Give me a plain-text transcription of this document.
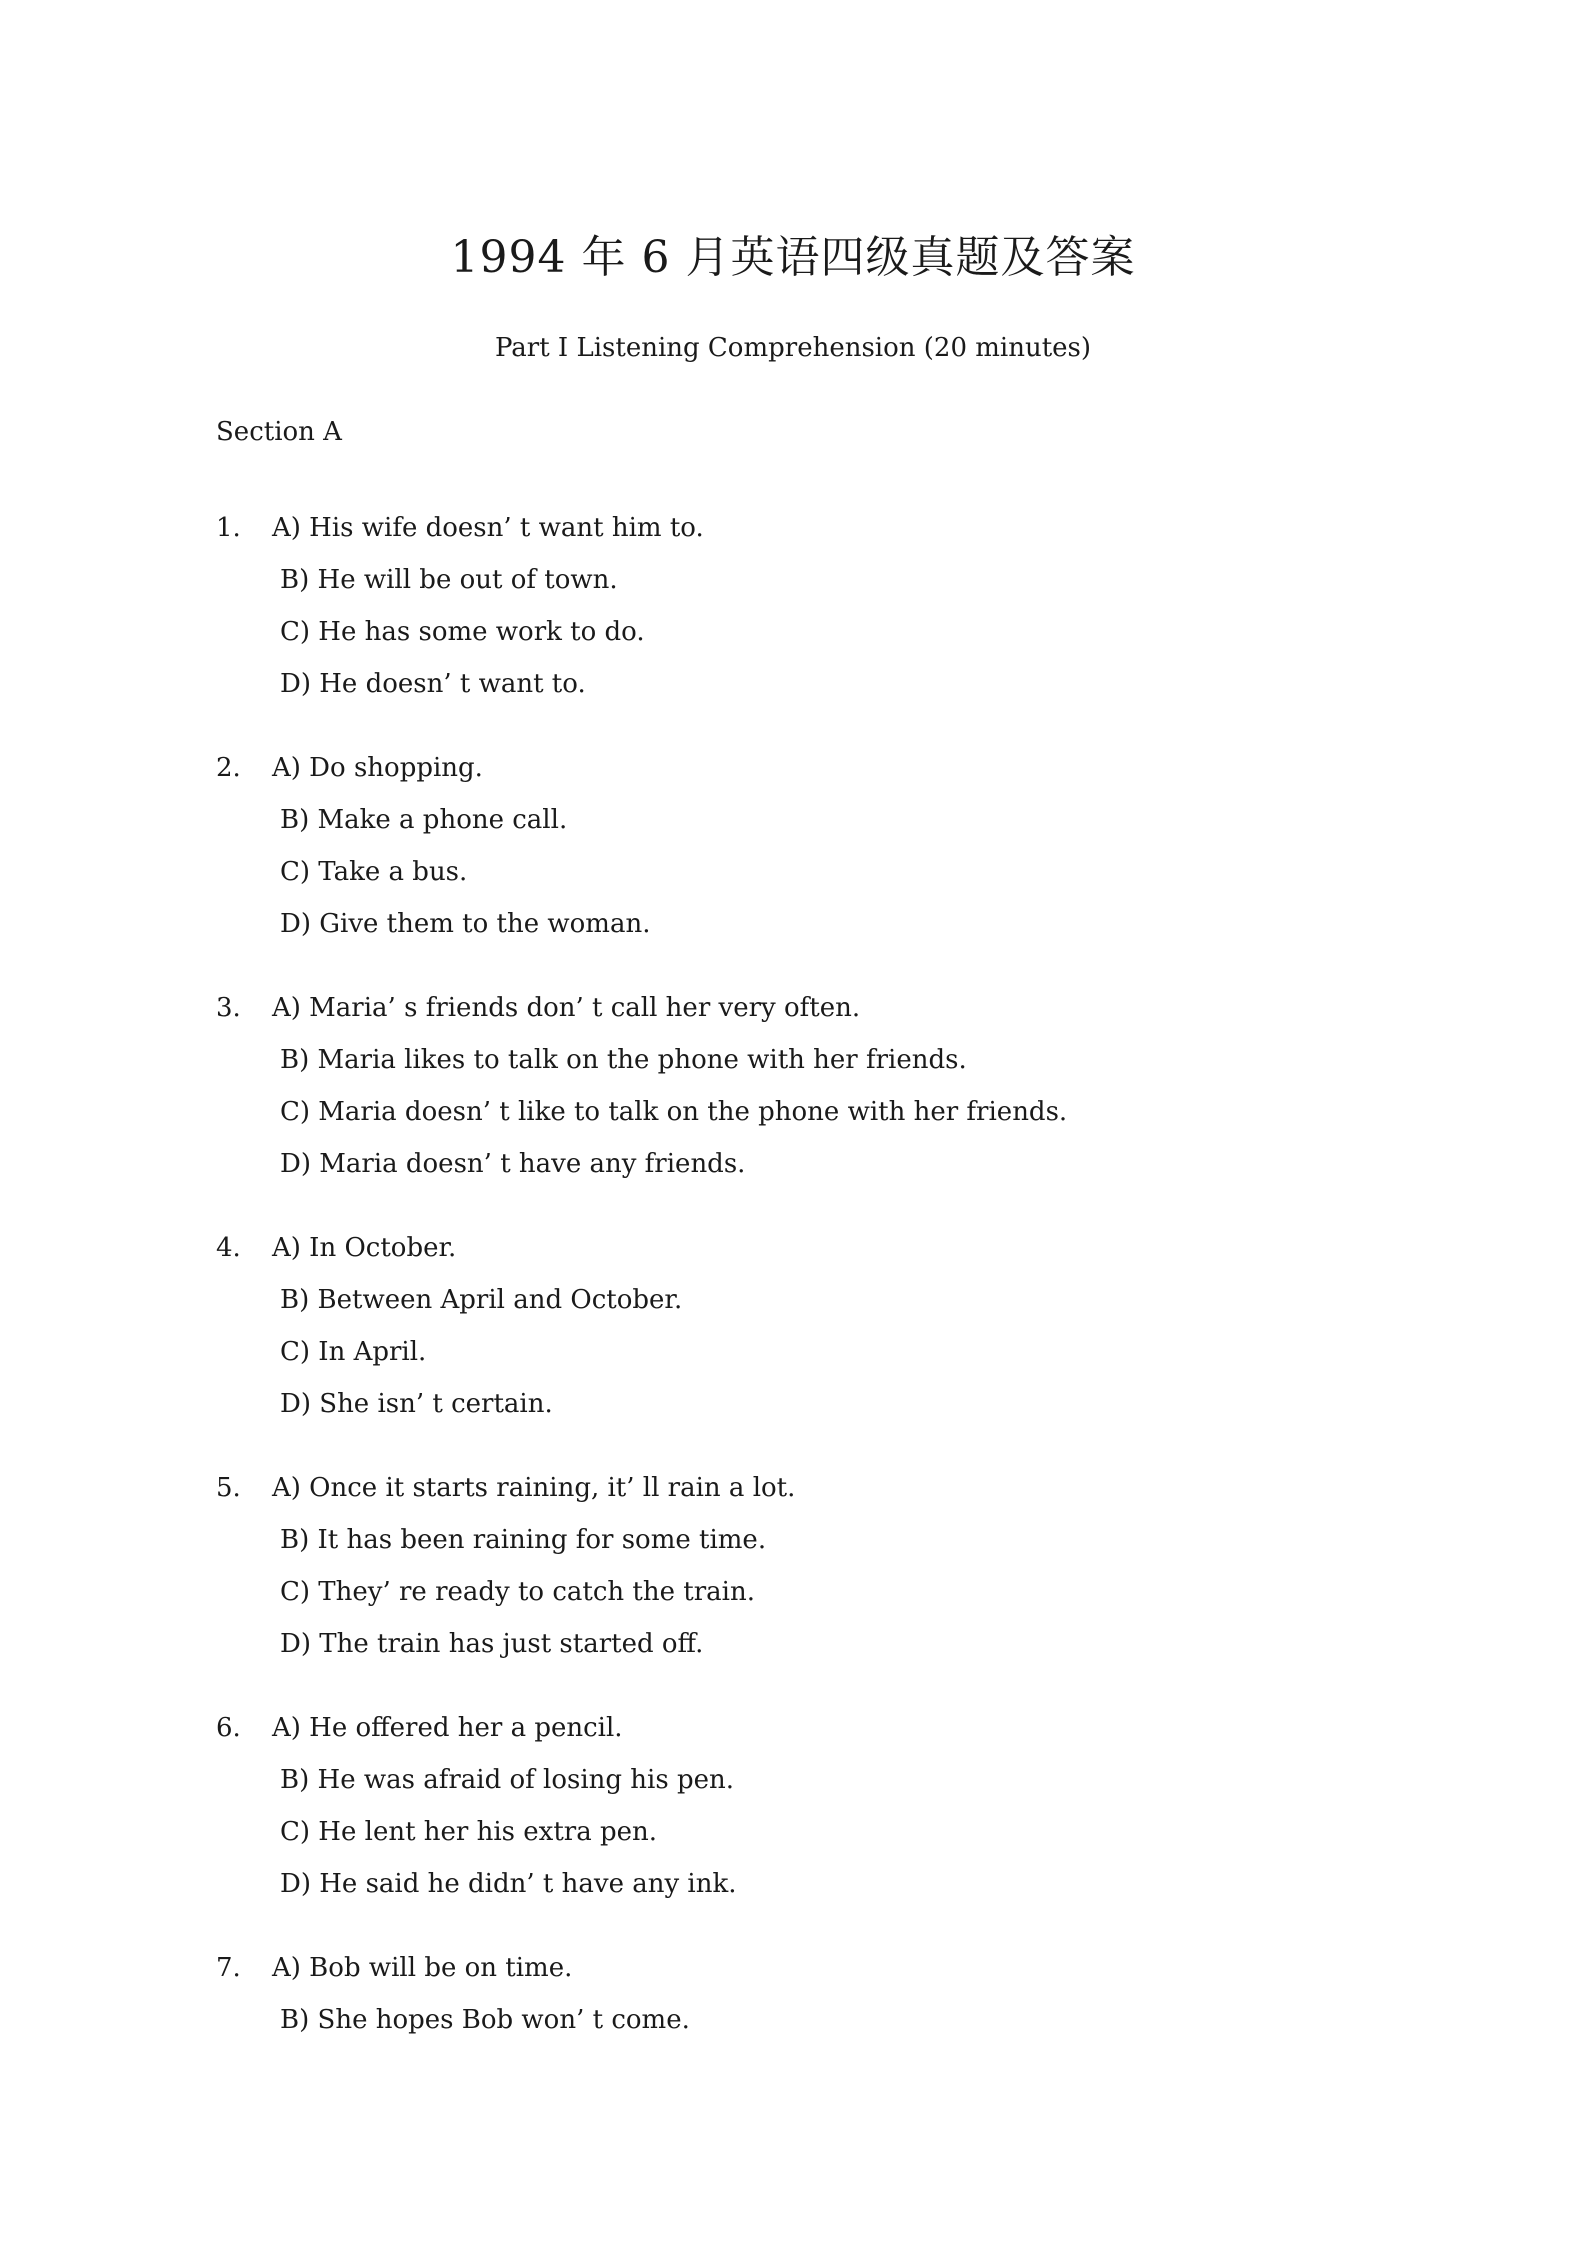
1994 年 6 月英语四级真题及答案
Part I Listening Comprehension (20 minutes)
Section A
1. A) His wife doesn’ t want him to.
B) He will be out of town.
C) He has some work to do.
D) He doesn’ t want to.
2. A) Do shopping.
B) Make a phone call.
C) Take a bus.
D) Give them to the woman.
3. A) Maria’ s friends don’ t call her very often.
B) Maria likes to talk on the phone with her friends.
C) Maria doesn’ t like to talk on the phone with her friends.
D) Maria doesn’ t have any friends.
4. A) In October.
B) Between April and October.
C) In April.
D) She isn’ t certain.
5. A) Once it starts raining, it’ ll rain a lot.
B) It has been raining for some time.
C) They’ re ready to catch the train.
D) The train has just started off.
6. A) He offered her a pencil.
B) He was afraid of losing his pen.
C) He lent her his extra pen.
D) He said he didn’ t have any ink.
7. A) Bob will be on time.
B) She hopes Bob won’ t come.
